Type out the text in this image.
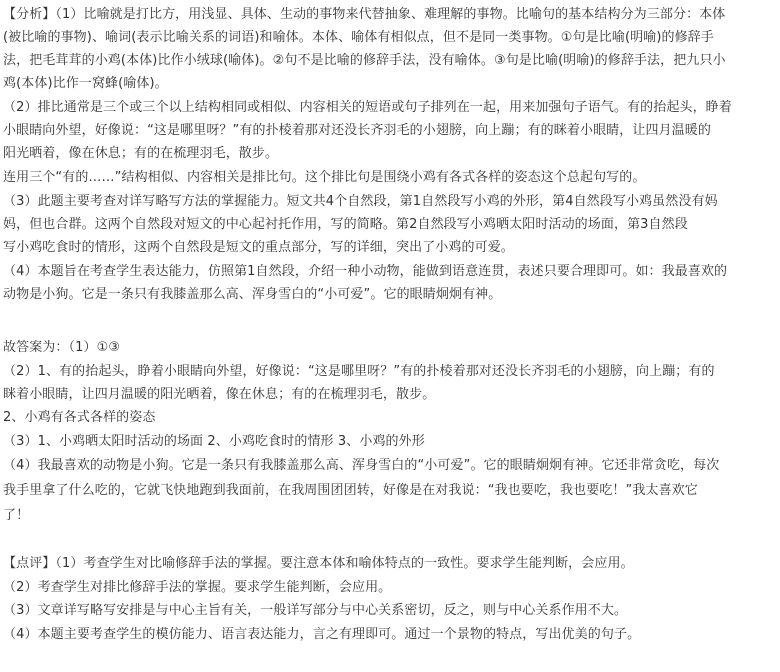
【分析】（1）比喻就是打比方，用浅显、具体、生动的事物来代替抽象、难理解的事物。比喻句的基本结构分为三部分：本体
(被比喻的事物)、喻词(表示比喻关系的词语)和喻体。本体、喻体有相似点，但不是同一类事物。①句是比喻(明喻)的修辞手
法，把毛茸茸的小鸡(本体)比作小绒球(喻体)。②句不是比喻的修辞手法，没有喻体。③句是比喻(明喻)的修辞手法，把九只小
鸡(本体)比作一窝蜂(喻体)。
（2）排比通常是三个或三个以上结构相同或相似、内容相关的短语或句子排列在一起，用来加强句子语气。有的抬起头，睁着
小眼睛向外望，好像说：“这是哪里呀？”有的扑棱着那对还没长齐羽毛的小翅膀，向上蹦；有的眯着小眼睛，让四月温暖的
阳光晒着，像在休息；有的在梳理羽毛，散步。
连用三个“有的……”结构相似、内容相关是排比句。这个排比句是围绕小鸡有各式各样的姿态这个总起句写的。
（3）此题主要考查对详写略写方法的掌握能力。短文共4个自然段，第1自然段写小鸡的外形，第4自然段写小鸡虽然没有妈
妈，但也合群。这两个自然段对短文的中心起衬托作用，写的简略。第2自然段写小鸡晒太阳时活动的场面，第3自然段
写小鸡吃食时的情形，这两个自然段是短文的重点部分，写的详细，突出了小鸡的可爱。
（4）本题旨在考查学生表达能力，仿照第1自然段，介绍一种小动物，能做到语意连贯，表述只要合理即可。如：我最喜欢的
动物是小狗。它是一条只有我膝盖那么高、浑身雪白的“小可爱”。它的眼睛炯炯有神。
故答案为：（1）①③
（2）1、有的抬起头，睁着小眼睛向外望，好像说：“这是哪里呀？”有的扑棱着那对还没长齐羽毛的小翅膀，向上蹦；有的
眯着小眼睛，让四月温暖的阳光晒着，像在休息；有的在梳理羽毛，散步。
2、小鸡有各式各样的姿态
（3）1、小鸡晒太阳时活动的场面 2、小鸡吃食时的情形 3、小鸡的外形
（4）我最喜欢的动物是小狗。它是一条只有我膝盖那么高、浑身雪白的“小可爱”。它的眼睛炯炯有神。它还非常贪吃，每次
我手里拿了什么吃的，它就飞快地跑到我面前，在我周围团团转，好像是在对我说：“我也要吃，我也要吃！”我太喜欢它
了！
【点评】（1）考查学生对比喻修辞手法的掌握。要注意本体和喻体特点的一致性。要求学生能判断，会应用。
（2）考查学生对排比修辞手法的掌握。要求学生能判断，会应用。
（3）文章详写略写安排是与中心主旨有关，一般详写部分与中心关系密切，反之，则与中心关系作用不大。
（4）本题主要考查学生的模仿能力、语言表达能力，言之有理即可。通过一个景物的特点，写出优美的句子。
